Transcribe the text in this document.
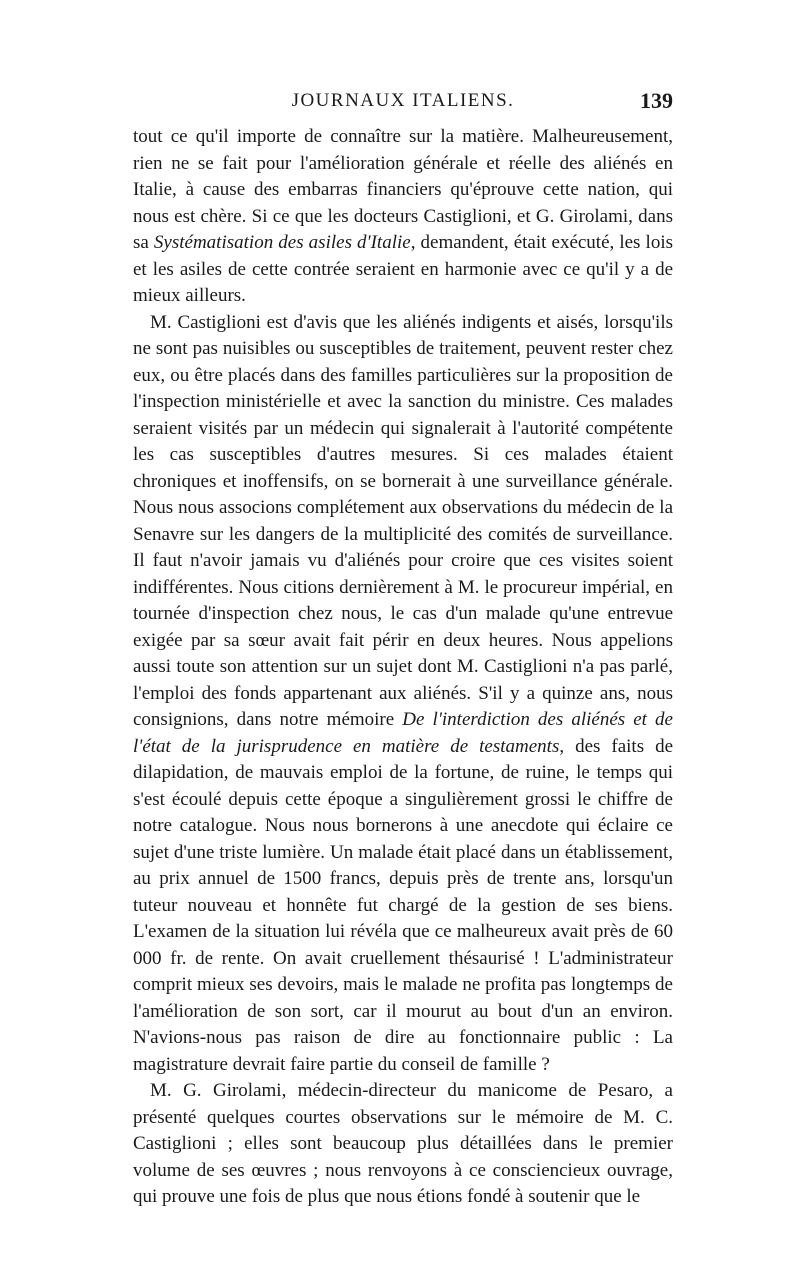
JOURNAUX ITALIENS.	139

tout ce qu'il importe de connaître sur la matière. Malheureusement, rien ne se fait pour l'amélioration générale et réelle des aliénés en Italie, à cause des embarras financiers qu'éprouve cette nation, qui nous est chère. Si ce que les docteurs Castiglioni, et G. Girolami, dans sa Systématisation des asiles d'Italie, demandent, était exécuté, les lois et les asiles de cette contrée seraient en harmonie avec ce qu'il y a de mieux ailleurs.

M. Castiglioni est d'avis que les aliénés indigents et aisés, lorsqu'ils ne sont pas nuisibles ou susceptibles de traitement, peuvent rester chez eux, ou être placés dans des familles particulières sur la proposition de l'inspection ministérielle et avec la sanction du ministre. Ces malades seraient visités par un médecin qui signalerait à l'autorité compétente les cas susceptibles d'autres mesures. Si ces malades étaient chroniques et inoffensifs, on se bornerait à une surveillance générale. Nous nous associons complétement aux observations du médecin de la Senavre sur les dangers de la multiplicité des comités de surveillance. Il faut n'avoir jamais vu d'aliénés pour croire que ces visites soient indifférentes. Nous citions dernièrement à M. le procureur impérial, en tournée d'inspection chez nous, le cas d'un malade qu'une entrevue exigée par sa sœur avait fait périr en deux heures. Nous appelions aussi toute son attention sur un sujet dont M. Castiglioni n'a pas parlé, l'emploi des fonds appartenant aux aliénés. S'il y a quinze ans, nous consignions, dans notre mémoire De l'interdiction des aliénés et de l'état de la jurisprudence en matière de testaments, des faits de dilapidation, de mauvais emploi de la fortune, de ruine, le temps qui s'est écoulé depuis cette époque a singulièrement grossi le chiffre de notre catalogue. Nous nous bornerons à une anecdote qui éclaire ce sujet d'une triste lumière. Un malade était placé dans un établissement, au prix annuel de 1500 francs, depuis près de trente ans, lorsqu'un tuteur nouveau et honnête fut chargé de la gestion de ses biens. L'examen de la situation lui révéla que ce malheureux avait près de 60 000 fr. de rente. On avait cruellement thésaurisé ! L'administrateur comprit mieux ses devoirs, mais le malade ne profita pas longtemps de l'amélioration de son sort, car il mourut au bout d'un an environ. N'avions-nous pas raison de dire au fonctionnaire public : La magistrature devrait faire partie du conseil de famille ?

M. G. Girolami, médecin-directeur du manicome de Pesaro, a présenté quelques courtes observations sur le mémoire de M. C. Castiglioni ; elles sont beaucoup plus détaillées dans le premier volume de ses œuvres ; nous renvoyons à ce consciencieux ouvrage, qui prouve une fois de plus que nous étions fondé à soutenir que le
